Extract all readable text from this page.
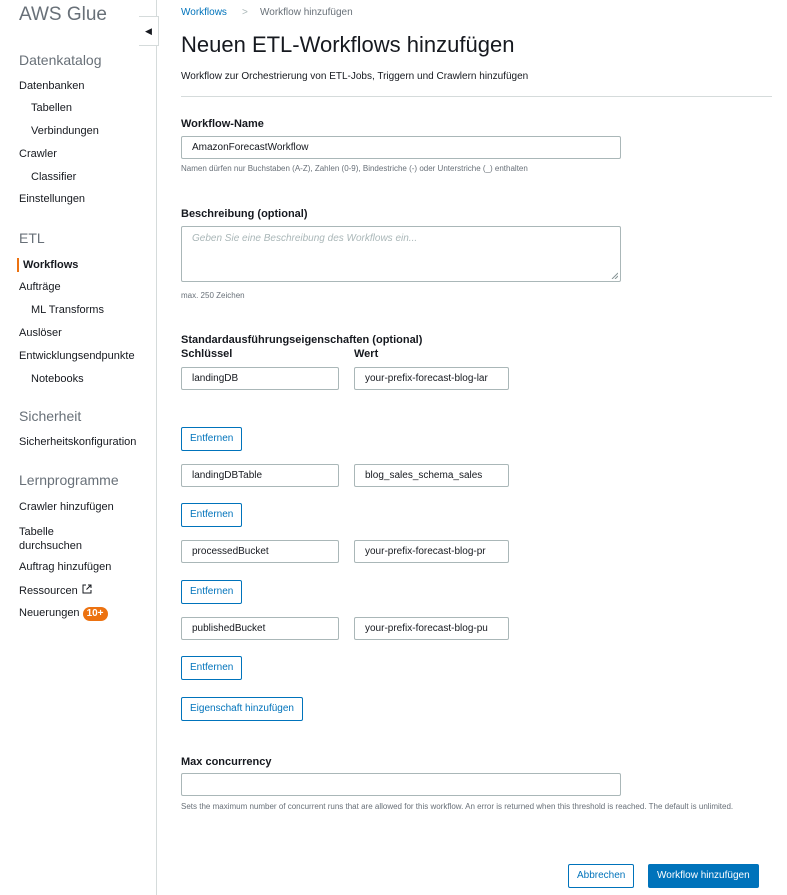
AWS Glue
◀
Datenkatalog
Datenbanken
Tabellen
Verbindungen
Crawler
Classifier
Einstellungen
ETL
Workflows
Aufträge
ML Transforms
Auslöser
Entwicklungsendpunkte
Notebooks
Sicherheit
Sicherheitskonfiguration
Lernprogramme
Crawler hinzufügen
Tabelle
durchsuchen
Auftrag hinzufügen
Ressourcen
Neuerungen 10+
Workflows > Workflow hinzufügen
Neuen ETL-Workflows hinzufügen
Workflow zur Orchestrierung von ETL-Jobs, Triggern und Crawlern hinzufügen
Workflow-Name
AmazonForecastWorkflow
Namen dürfen nur Buchstaben (A-Z), Zahlen (0-9), Bindestriche (-) oder Unterstriche (_) enthalten
Beschreibung (optional)
Geben Sie eine Beschreibung des Workflows ein...
max. 250 Zeichen
Standardausführungseigenschaften (optional)
Schlüssel	Wert
landingDB	your-prefix-forecast-blog-lar
Entfernen
landingDBTable	blog_sales_schema_sales
Entfernen
processedBucket	your-prefix-forecast-blog-pr
Entfernen
publishedBucket	your-prefix-forecast-blog-pu
Entfernen
Eigenschaft hinzufügen
Max concurrency
Sets the maximum number of concurrent runs that are allowed for this workflow. An error is returned when this threshold is reached. The default is unlimited.
Abbrechen	Workflow hinzufügen
